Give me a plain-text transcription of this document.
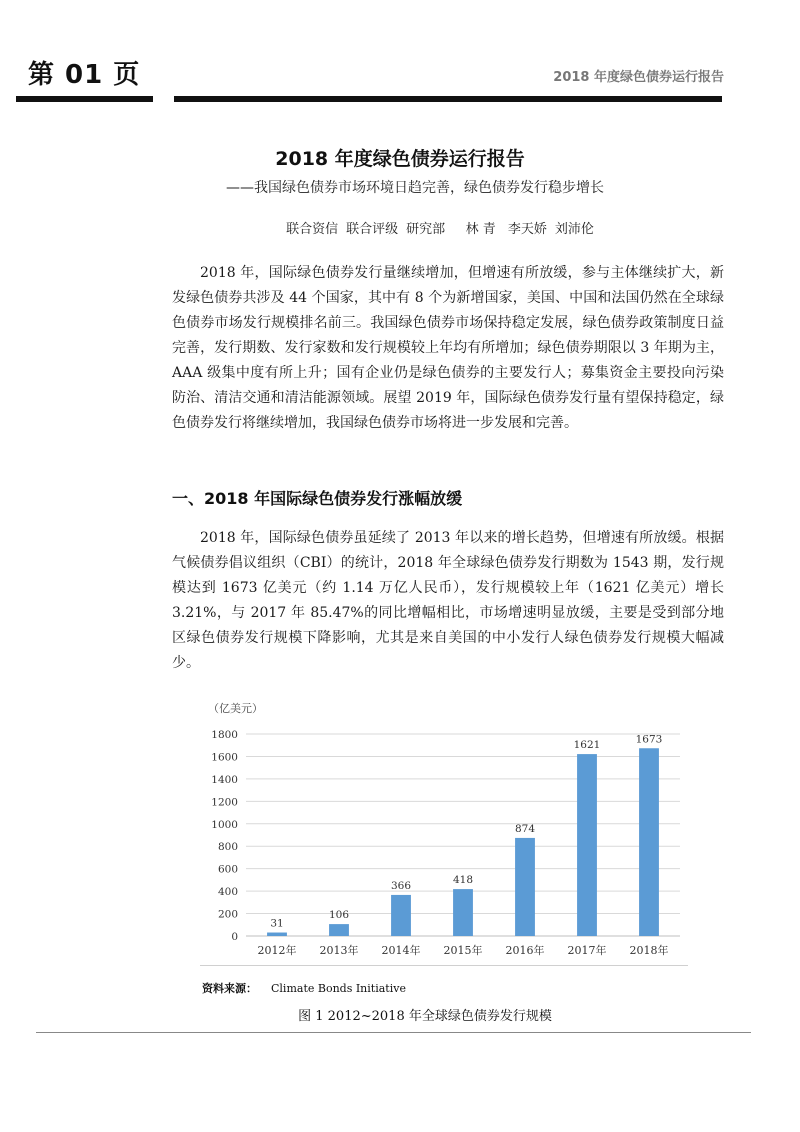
第 01 页	2018 年度绿色债券运行报告
2018 年度绿色债券运行报告
——我国绿色债券市场环境日趋完善，绿色债券发行稳步增长
联合资信 联合评级 研究部 林 青 李天娇 刘沛伦

2018 年，国际绿色债券发行量继续增加，但增速有所放缓，参与主体继续扩大，新发绿色债券共涉及 44 个国家，其中有 8 个为新增国家，美国、中国和法国仍然在全球绿色债券市场发行规模排名前三。我国绿色债券市场保持稳定发展，绿色债券政策制度日益完善，发行期数、发行家数和发行规模较上年均有所增加；绿色债券期限以 3 年期为主，AAA 级集中度有所上升；国有企业仍是绿色债券的主要发行人；募集资金主要投向污染防治、清洁交通和清洁能源领域。展望 2019 年，国际绿色债券发行量有望保持稳定，绿色债券发行将继续增加，我国绿色债券市场将进一步发展和完善。

一、2018 年国际绿色债券发行涨幅放缓

2018 年，国际绿色债券虽延续了 2013 年以来的增长趋势，但增速有所放缓。根据气候债券倡议组织（CBI）的统计，2018 年全球绿色债券发行期数为 1543 期，发行规模达到 1673 亿美元（约 1.14 万亿人民币），发行规模较上年（1621 亿美元）增长 3.21%，与 2017 年 85.47%的同比增幅相比，市场增速明显放缓，主要是受到部分地区绿色债券发行规模下降影响，尤其是来自美国的中小发行人绿色债券发行规模大幅减少。

（亿美元）
0
200
400
600
800
1000
1200
1400
1600
1800
31
106
366	418
874
1621	1673
2012年 2013年 2014年 2015年 2016年 2017年 2018年
资料来源： Climate Bonds Initiative
图 1 2012~2018 年全球绿色债券发行规模
